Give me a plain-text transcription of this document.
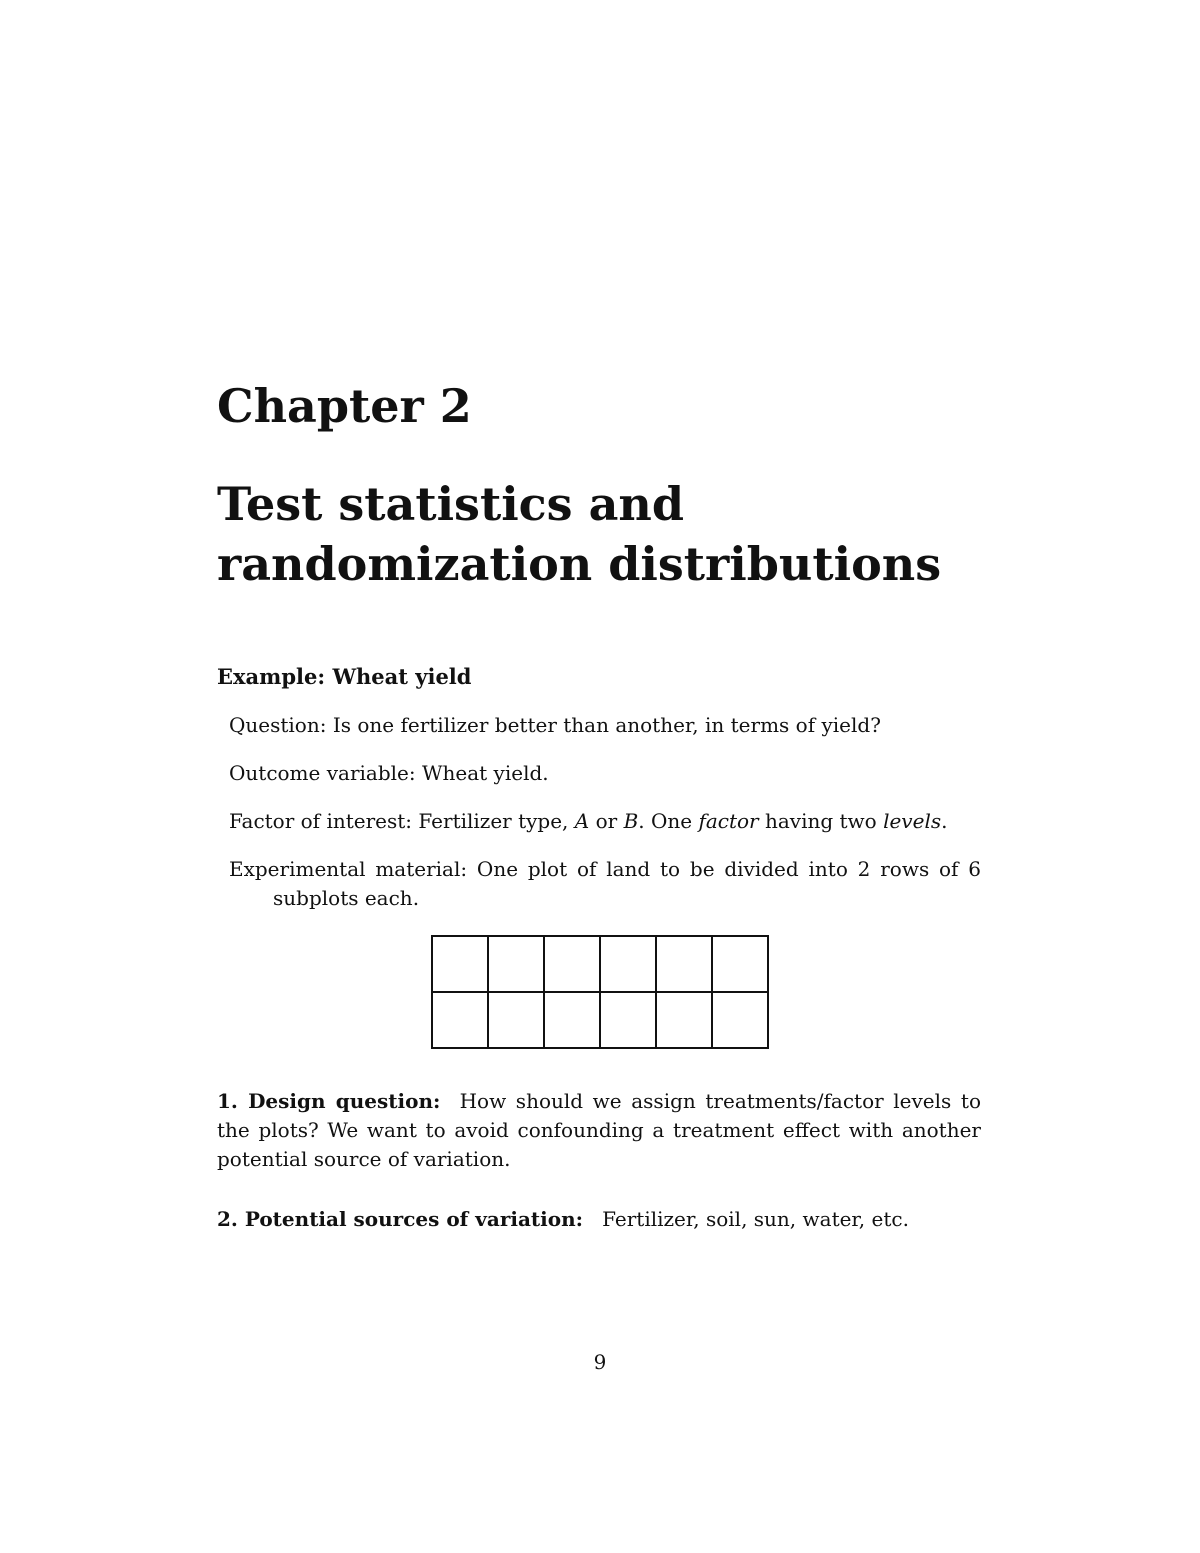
Chapter 2
Test statistics and
randomization distributions
Example: Wheat yield

Question: Is one fertilizer better than another, in terms of yield?

Outcome variable: Wheat yield.

Factor of interest: Fertilizer type, A or B. One factor having two levels.

Experimental material: One plot of land to be divided into 2 rows of 6 subplots each.

1. Design question: How should we assign treatments/factor levels to the plots? We want to avoid confounding a treatment effect with another potential source of variation.

2. Potential sources of variation: Fertilizer, soil, sun, water, etc.

9
